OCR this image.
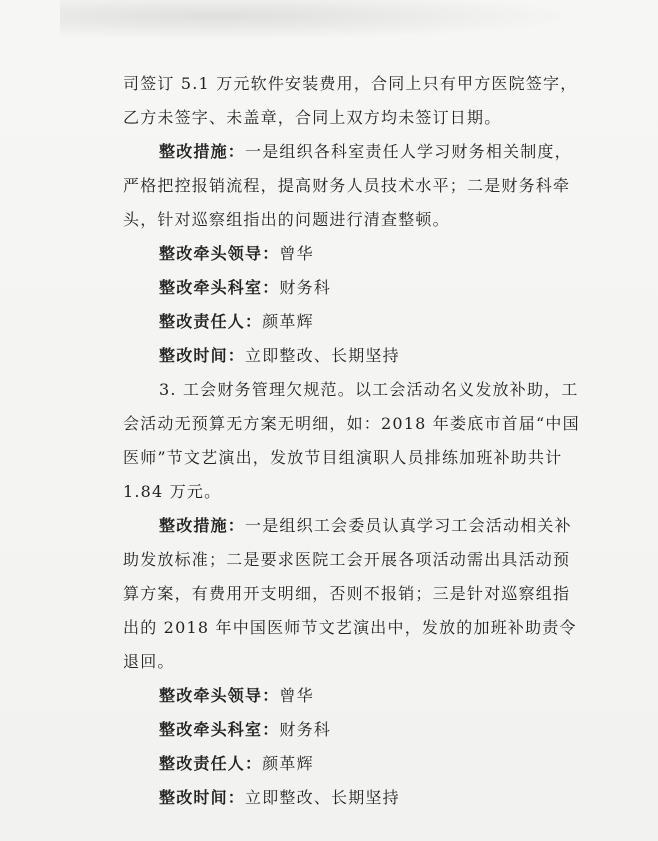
司签订 5.1 万元软件安装费用，合同上只有甲方医院签字，

乙方未签字、未盖章，合同上双方均未签订日期。

整改措施：一是组织各科室责任人学习财务相关制度，

严格把控报销流程，提高财务人员技术水平；二是财务科牵

头，针对巡察组指出的问题进行清查整顿。

整改牵头领导：曾华

整改牵头科室：财务科

整改责任人：颜革辉

整改时间：立即整改、长期坚持

3. 工会财务管理欠规范。以工会活动名义发放补助，工

会活动无预算无方案无明细，如：2018 年娄底市首届“中国

医师”节文艺演出，发放节目组演职人员排练加班补助共计

1.84 万元。

整改措施：一是组织工会委员认真学习工会活动相关补

助发放标准；二是要求医院工会开展各项活动需出具活动预

算方案，有费用开支明细，否则不报销；三是针对巡察组指

出的 2018 年中国医师节文艺演出中，发放的加班补助责令

退回。

整改牵头领导：曾华

整改牵头科室：财务科

整改责任人：颜革辉

整改时间：立即整改、长期坚持
